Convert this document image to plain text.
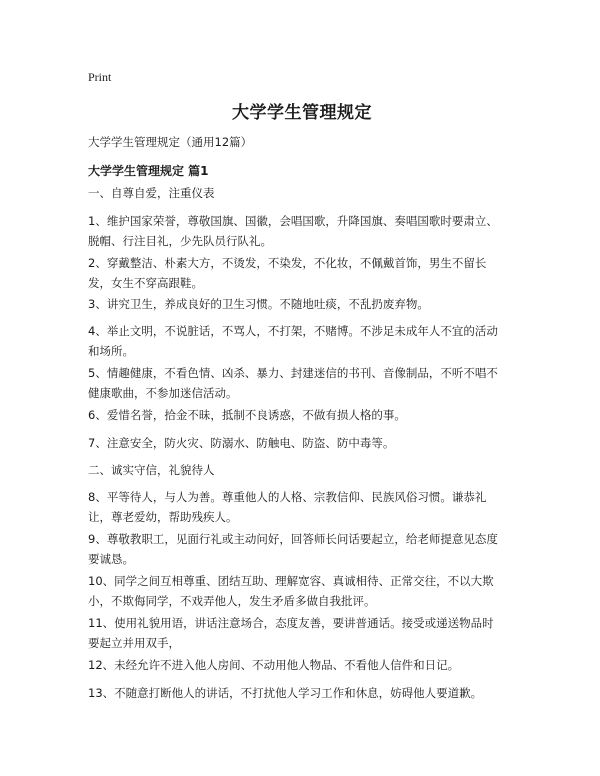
Print
大学学生管理规定
大学学生管理规定（通用12篇）
大学学生管理规定 篇1
一、自尊自爱，注重仪表
1、维护国家荣誉，尊敬国旗、国徽，会唱国歌，升降国旗、奏唱国歌时要肃立、脱帽、行注目礼，少先队员行队礼。
2、穿戴整洁、朴素大方，不烫发，不染发，不化妆，不佩戴首饰，男生不留长发，女生不穿高跟鞋。
3、讲究卫生，养成良好的卫生习惯。不随地吐痰，不乱扔废弃物。
4、举止文明，不说脏话，不骂人，不打架，不赌博。不涉足未成年人不宜的活动和场所。
5、情趣健康，不看色情、凶杀、暴力、封建迷信的书刊、音像制品，不听不唱不健康歌曲，不参加迷信活动。
6、爱惜名誉，拾金不昧，抵制不良诱惑，不做有损人格的事。
7、注意安全，防火灾、防溺水、防触电、防盗、防中毒等。
二、诚实守信，礼貌待人
8、平等待人，与人为善。尊重他人的人格、宗教信仰、民族风俗习惯。谦恭礼让，尊老爱幼，帮助残疾人。
9、尊敬教职工，见面行礼或主动问好，回答师长问话要起立，给老师提意见态度要诚恳。
10、同学之间互相尊重、团结互助、理解宽容、真诚相待、正常交往，不以大欺小，不欺侮同学，不戏弄他人，发生矛盾多做自我批评。
11、使用礼貌用语，讲话注意场合，态度友善，要讲普通话。接受或递送物品时要起立并用双手，
12、未经允许不进入他人房间、不动用他人物品、不看他人信件和日记。
13、不随意打断他人的讲话，不打扰他人学习工作和休息，妨碍他人要道歉。
